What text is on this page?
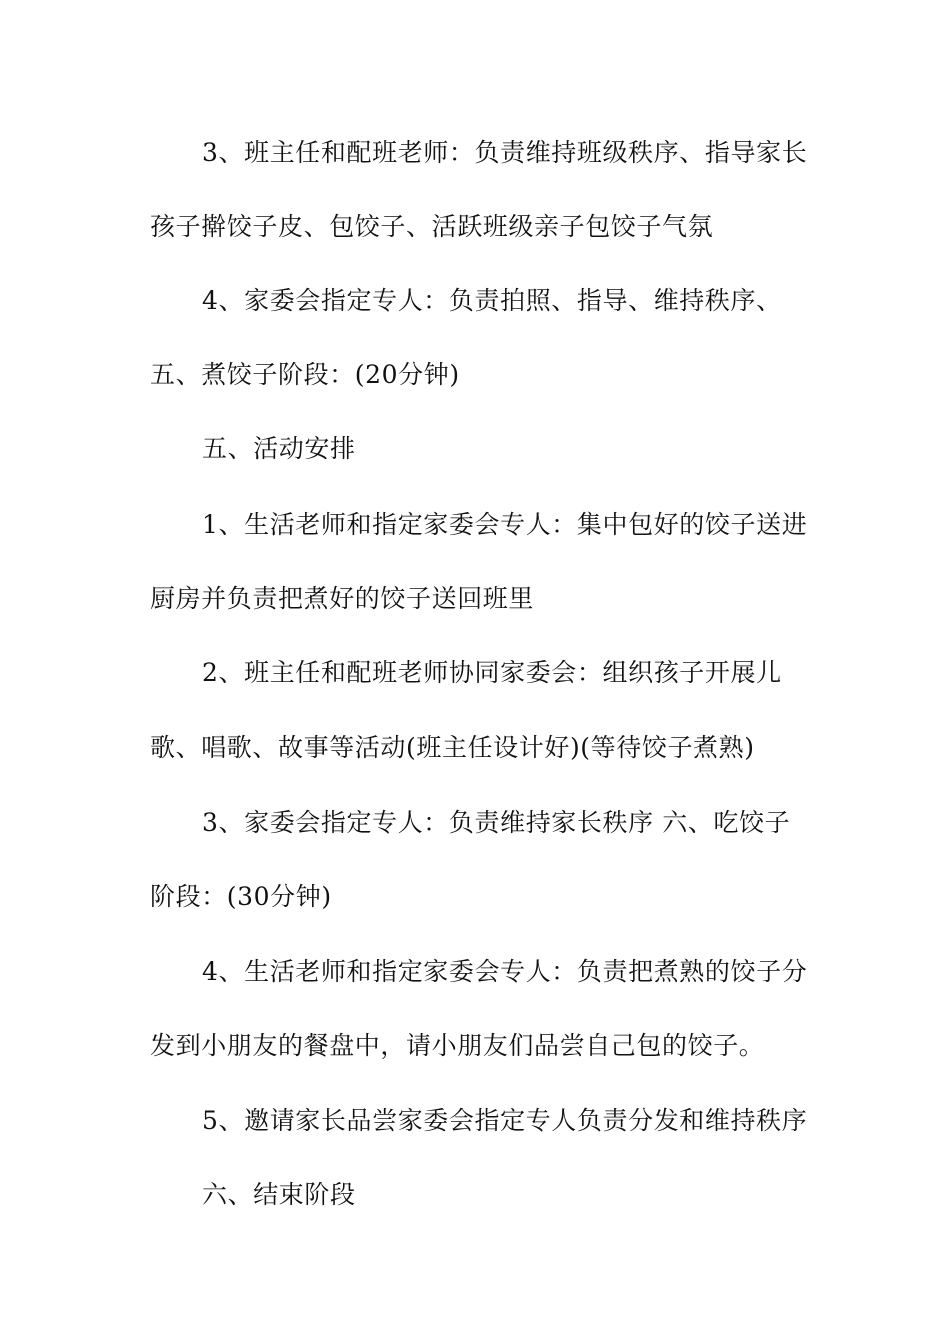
3、班主任和配班老师：负责维持班级秩序、指导家长
孩子擀饺子皮、包饺子、活跃班级亲子包饺子气氛
4、家委会指定专人：负责拍照、指导、维持秩序、
五、煮饺子阶段：(20分钟)
五、活动安排
1、生活老师和指定家委会专人：集中包好的饺子送进
厨房并负责把煮好的饺子送回班里
2、班主任和配班老师协同家委会：组织孩子开展儿
歌、唱歌、故事等活动(班主任设计好)(等待饺子煮熟)
3、家委会指定专人：负责维持家长秩序 六、吃饺子
阶段：(30分钟)
4、生活老师和指定家委会专人：负责把煮熟的饺子分
发到小朋友的餐盘中，请小朋友们品尝自己包的饺子。
5、邀请家长品尝家委会指定专人负责分发和维持秩序
六、结束阶段
